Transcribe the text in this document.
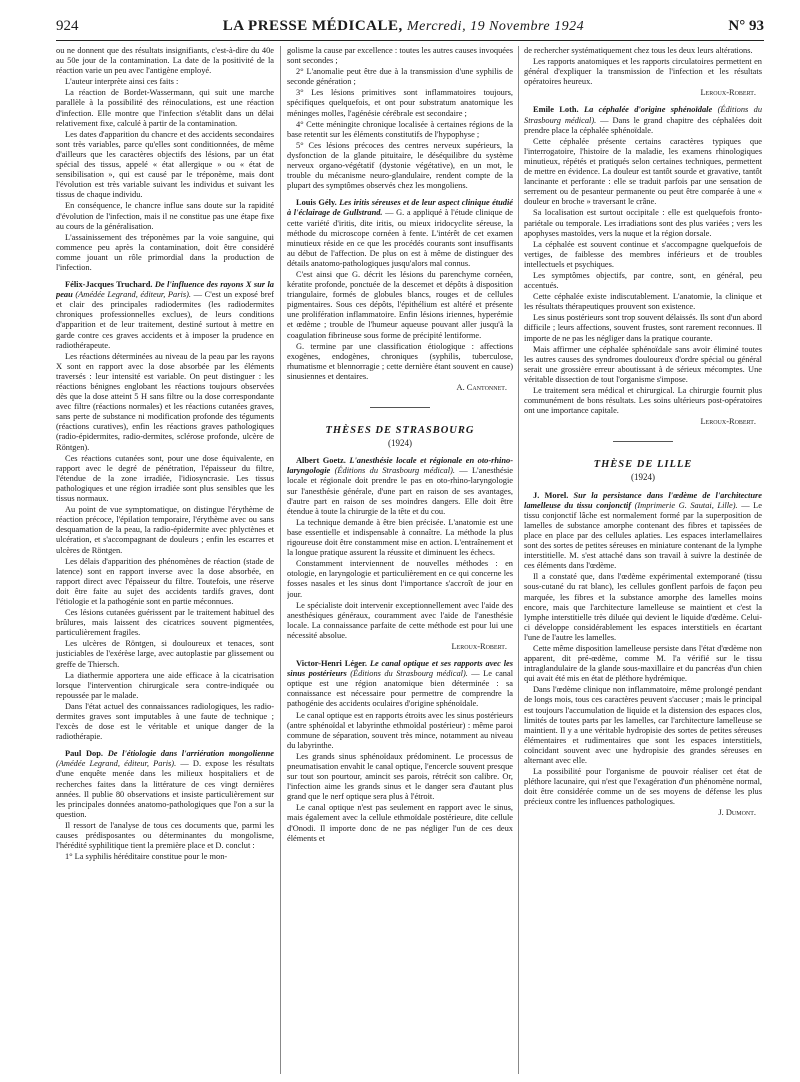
924	LA PRESSE MÉDICALE, Mercredi, 19 Novembre 1924	N° 93

ou ne donnent que des résultats insignifiants, c'est-à-dire du 40e au 50e jour de la contamination. La date de la positivité de la réaction varie un peu avec l'antigène employé.

L'auteur interprète ainsi ces faits :

La réaction de Bordet-Wassermann, qui suit une marche parallèle à la possibilité des réinoculations, est une réaction d'infection. Elle montre que l'infection s'établit dans un délai relativement fixe, calculé à partir de la contamination.

Les dates d'apparition du chancre et des accidents secondaires sont très variables, parce qu'elles sont conditionnées, de même d'ailleurs que les caractères objectifs des lésions, par un état spécial des tissus, appelé « état allergique » ou « état de sensibilisation », qui est causé par le tréponème, mais dont l'évolution est très variable suivant les individus et suivant les tissus de chaque individu.

En conséquence, le chancre influe sans doute sur la rapidité d'évolution de l'infection, mais il ne constitue pas une étape fixe au cours de la généralisation.

L'assainissement des tréponèmes par la voie sanguine, qui commence peu après la contamination, doit être considéré comme jouant un rôle primordial dans la production de l'infection.

Félix-Jacques Truchard. De l'influence des rayons X sur la peau (Amédée Legrand, éditeur, Paris). — C'est un exposé bref et clair des principales radiodermites (les radiodermites chroniques professionnelles exclues), de leurs conditions d'apparition et de leur traitement, destiné surtout à mettre en garde contre ces graves accidents et à imposer la prudence en radiothérapeute.

Les réactions déterminées au niveau de la peau par les rayons X sont en rapport avec la dose absorbée par les éléments traversés : leur intensité est variable. On peut distinguer : les réactions bénignes englobant les réactions toujours observées dès que la dose atteint 5 H sans filtre ou la dose correspondante avec filtre (réactions normales) et les réactions cutanées graves, sans perte de substance ni modification profonde des téguments (réactions curatives), enfin les réactions graves pathologiques (radio-épidermites, radio-dermites, sclérose profonde, ulcère de Röntgen).

Ces réactions cutanées sont, pour une dose équivalente, en rapport avec le degré de pénétration, l'épaisseur du filtre, l'étendue de la zone irradiée, l'idiosyncrasie. Les tissus pathologiques et une région irradiée sont plus sensibles que les tissus normaux.

Au point de vue symptomatique, on distingue l'érythème de réaction précoce, l'épilation temporaire, l'érythème avec ou sans desquamation de la peau, la radio-épidermite avec phlyctènes et ulcération, et s'accompagnant de douleurs ; enfin les escarres et ulcères de Röntgen.

Les délais d'apparition des phénomènes de réaction (stade de latence) sont en rapport inverse avec la dose absorbée, en rapport direct avec l'épaisseur du filtre. Toutefois, une réserve doit être faite au sujet des accidents tardifs graves, dont l'étiologie et la pathogénie sont en partie méconnues.

Ces lésions cutanées guérissent par le traitement habituel des brûlures, mais laissent des cicatrices souvent pigmentées, particulièrement fragiles.

Les ulcères de Röntgen, si douloureux et tenaces, sont justiciables de l'exérèse large, avec autoplastie par glissement ou greffe de Thiersch.

La diathermie apportera une aide efficace à la cicatrisation lorsque l'intervention chirurgicale sera contre-indiquée ou repoussée par le malade.

Dans l'état actuel des connaissances radiologiques, les radio-dermites graves sont imputables à une faute de technique ; l'excès de dose est le véritable et unique danger de la radiothérapie.

Paul Dop. De l'étiologie dans l'arriération mongolienne (Amédée Legrand, éditeur, Paris). — D. expose les résultats d'une enquête menée dans les milieux hospitaliers et de recherches faites dans la littérature de ces vingt dernières années. Il publie 80 observations et insiste particulièrement sur les principales données anatomo-pathologiques que l'on a sur la question.

Il ressort de l'analyse de tous ces documents que, parmi les causes prédisposantes ou déterminantes du mongolisme, l'hérédité syphilitique tient la première place et D. conclut :

1° La syphilis héréditaire constitue pour le mon-

golisme la cause par excellence : toutes les autres causes invoquées sont secondes ;

2° L'anomalie peut être due à la transmission d'une syphilis de seconde génération ;

3° Les lésions primitives sont inflammatoires toujours, spécifiques quelquefois, et ont pour substratum anatomique les méninges molles, l'agénésie cérébrale est secondaire ;

4° Cette méningite chronique localisée à certaines régions de la base retentit sur les éléments constitutifs de l'hypophyse ;

5° Ces lésions précoces des centres nerveux supérieurs, la dysfonction de la glande pituitaire, le déséquilibre du système nerveux organo-végétatif (dystonie végétative), en un mot, le trouble du mécanisme neuro-glandulaire, rendent compte de la plupart des symptômes observés chez les mongoliens.

Louis Gély. Les iritis séreuses et de leur aspect clinique étudié à l'éclairage de Gullstrand. — G. a appliqué à l'étude clinique de cette variété d'iritis, dite iritis, ou mieux iridocyclite séreuse, la méthode du microscope cornéen à fente. L'intérêt de cet examen minutieux réside en ce que les procédés courants sont insuffisants au début de l'affection. De plus on est à même de distinguer des détails anatomo-pathologiques jusqu'alors mal connus.

C'est ainsi que G. décrit les lésions du parenchyme cornéen, kératite profonde, ponctuée de la descemet et dépôts à disposition triangulaire, formés de globules blancs, rouges et de cellules pigmentaires. Sous ces dépôts, l'épithélium est altéré et présente une prolifération inflammatoire. Enfin lésions iriennes, hyperémie et œdème ; trouble de l'humeur aqueuse pouvant aller jusqu'à la coagulation fibrineuse sous forme de précipité lentiforme.

G. termine par une classification étiologique : affections exogènes, endogènes, chroniques (syphilis, tuberculose, rhumatisme et blennorragie ; cette dernière étant souvent en cause) sinusiennes et dentaires.

A. Cantonnet.

THÈSES DE STRASBOURG

(1924)

Albert Goetz. L'anesthésie locale et régionale en oto-rhino-laryngologie (Éditions du Strasbourg médical). — L'anesthésie locale et régionale doit prendre le pas en oto-rhino-laryngologie sur l'anesthésie générale, d'une part en raison de ses avantages, d'autre part en raison de ses moindres dangers. Elle doit être étendue à toute la chirurgie de la tête et du cou.

La technique demande à être bien précisée. L'anatomie est une base essentielle et indispensable à connaître. La méthode la plus rigoureuse doit être constamment mise en action. L'entraînement et la longue pratique assurent la réussite et diminuent les échecs.

Constamment interviennent de nouvelles méthodes : en otologie, en laryngologie et particulièrement en ce qui concerne les fosses nasales et les sinus dont l'importance s'accroît de jour en jour.

Le spécialiste doit intervenir exceptionnellement avec l'aide des anesthésiques généraux, couramment avec l'aide de l'anesthésie locale. La connaissance parfaite de cette méthode est pour lui une nécessité absolue.

Leroux-Robert.

Victor-Henri Léger. Le canal optique et ses rapports avec les sinus postérieurs (Éditions du Strasbourg médical). — Le canal optique est une région anatomique bien déterminée : sa connaissance est nécessaire pour permettre de comprendre la pathogénie des accidents oculaires d'origine sphénoïdale.

Le canal optique est en rapports étroits avec les sinus postérieurs (antre sphénoïdal et labyrinthe ethmoïdal postérieur) : même paroi commune de séparation, souvent très mince, notamment au niveau du labyrinthe.

Les grands sinus sphénoïdaux prédominent. Le processus de pneumatisation envahit le canal optique, l'encercle souvent presque sur tout son pourtour, amincit ses parois, rétrécit son calibre. Or, l'infection aime les grands sinus et le danger sera d'autant plus grand que le nerf optique sera plus à l'étroit.

Le canal optique n'est pas seulement en rapport avec le sinus, mais également avec la cellule ethmoïdale postérieure, dite cellule d'Onodi. Il importe donc de ne pas négliger l'un de ces deux éléments et

de rechercher systématiquement chez tous les deux leurs altérations.

Les rapports anatomiques et les rapports circulatoires permettent en général d'expliquer la transmission de l'infection et les résultats opératoires heureux.

Leroux-Robert.

Emile Loth. La céphalée d'origine sphénoïdale (Éditions du Strasbourg médical). — Dans le grand chapitre des céphalées doit prendre place la céphalée sphénoïdale.

Cette céphalée présente certains caractères typiques que l'interrogatoire, l'histoire de la maladie, les examens rhinologiques minutieux, répétés et pratiqués selon certaines techniques, permettent de mettre en évidence. La douleur est tantôt sourde et gravative, tantôt lancinante et perforante : elle se traduit parfois par une sensation de serrement ou de pesanteur permanente ou peut être comparée à une « douleur en broche » traversant le crâne.

Sa localisation est surtout occipitale : elle est quelquefois fronto-pariétale ou temporale. Les irradiations sont des plus variées ; vers les apophyses mastoïdes, vers la nuque et la région dorsale.

La céphalée est souvent continue et s'accompagne quelquefois de vertiges, de faiblesse des membres inférieurs et de troubles intellectuels et psychiques.

Les symptômes objectifs, par contre, sont, en général, peu accentués.

Cette céphalée existe indiscutablement. L'anatomie, la clinique et les résultats thérapeutiques prouvent son existence.

Les sinus postérieurs sont trop souvent délaissés. Ils sont d'un abord difficile ; leurs affections, souvent frustes, sont rarement reconnues. Il importe de ne pas les négliger dans la pratique courante.

Mais affirmer une céphalée sphénoïdale sans avoir éliminé toutes les autres causes des syndromes douloureux d'ordre spécial ou général serait une grossière erreur aboutissant à de sérieux mécomptes. Une véritable dissection de tout l'organisme s'impose.

Le traitement sera médical et chirurgical. La chirurgie fournit plus communément de bons résultats. Les soins ultérieurs post-opératoires ont une importance capitale.

Leroux-Robert.

THÈSE DE LILLE

(1924)

J. Morel. Sur la persistance dans l'œdème de l'architecture lamelleuse du tissu conjonctif (Imprimerie G. Sautai, Lille). — Le tissu conjonctif lâche est normalement formé par la superposition de lamelles de substance amorphe contenant des fibres et tapissées de place en place par des cellules aplaties. Les espaces interlamellaires sont des sortes de petites séreuses en miniature contenant de la lymphe interstitielle. M. s'est attaché dans son travail à suivre la destinée de ces éléments dans l'œdème.

Il a constaté que, dans l'œdème expérimental extemporané (tissu sous-cutané du rat blanc), les cellules gonflent parfois de façon peu marquée, les fibres et la substance amorphe des lamelles moins encore, mais que l'architecture lamelleuse se maintient et c'est la lymphe interstitielle très diluée qui devient le liquide d'œdème. Celui-ci développe considérablement les espaces interstitiels en écartant l'une de l'autre les lamelles.

Cette même disposition lamelleuse persiste dans l'état d'œdème non apparent, dit pré-œdème, comme M. l'a vérifié sur le tissu intraglandulaire de la glande sous-maxillaire et du pancréas d'un chien qui avait été mis en état de pléthore hydrémique.

Dans l'œdème clinique non inflammatoire, même prolongé pendant de longs mois, tous ces caractères peuvent s'accuser ; mais le principal est toujours l'accumulation de liquide et la distension des espaces clos, limités de toutes parts par les lamelles, car l'architecture lamelleuse se maintient. Il y a une véritable hydropisie des sortes de petites séreuses élémentaires et rudimentaires que sont les espaces interstitiels, coïncidant souvent avec une hydropisie des grandes séreuses en alternant avec elle.

La possibilité pour l'organisme de pouvoir réaliser cet état de pléthore lacunaire, qui n'est que l'exagération d'un phénomène normal, doit être considérée comme un de ses moyens de défense les plus précieux contre les influences pathologiques.

J. Dumont.
